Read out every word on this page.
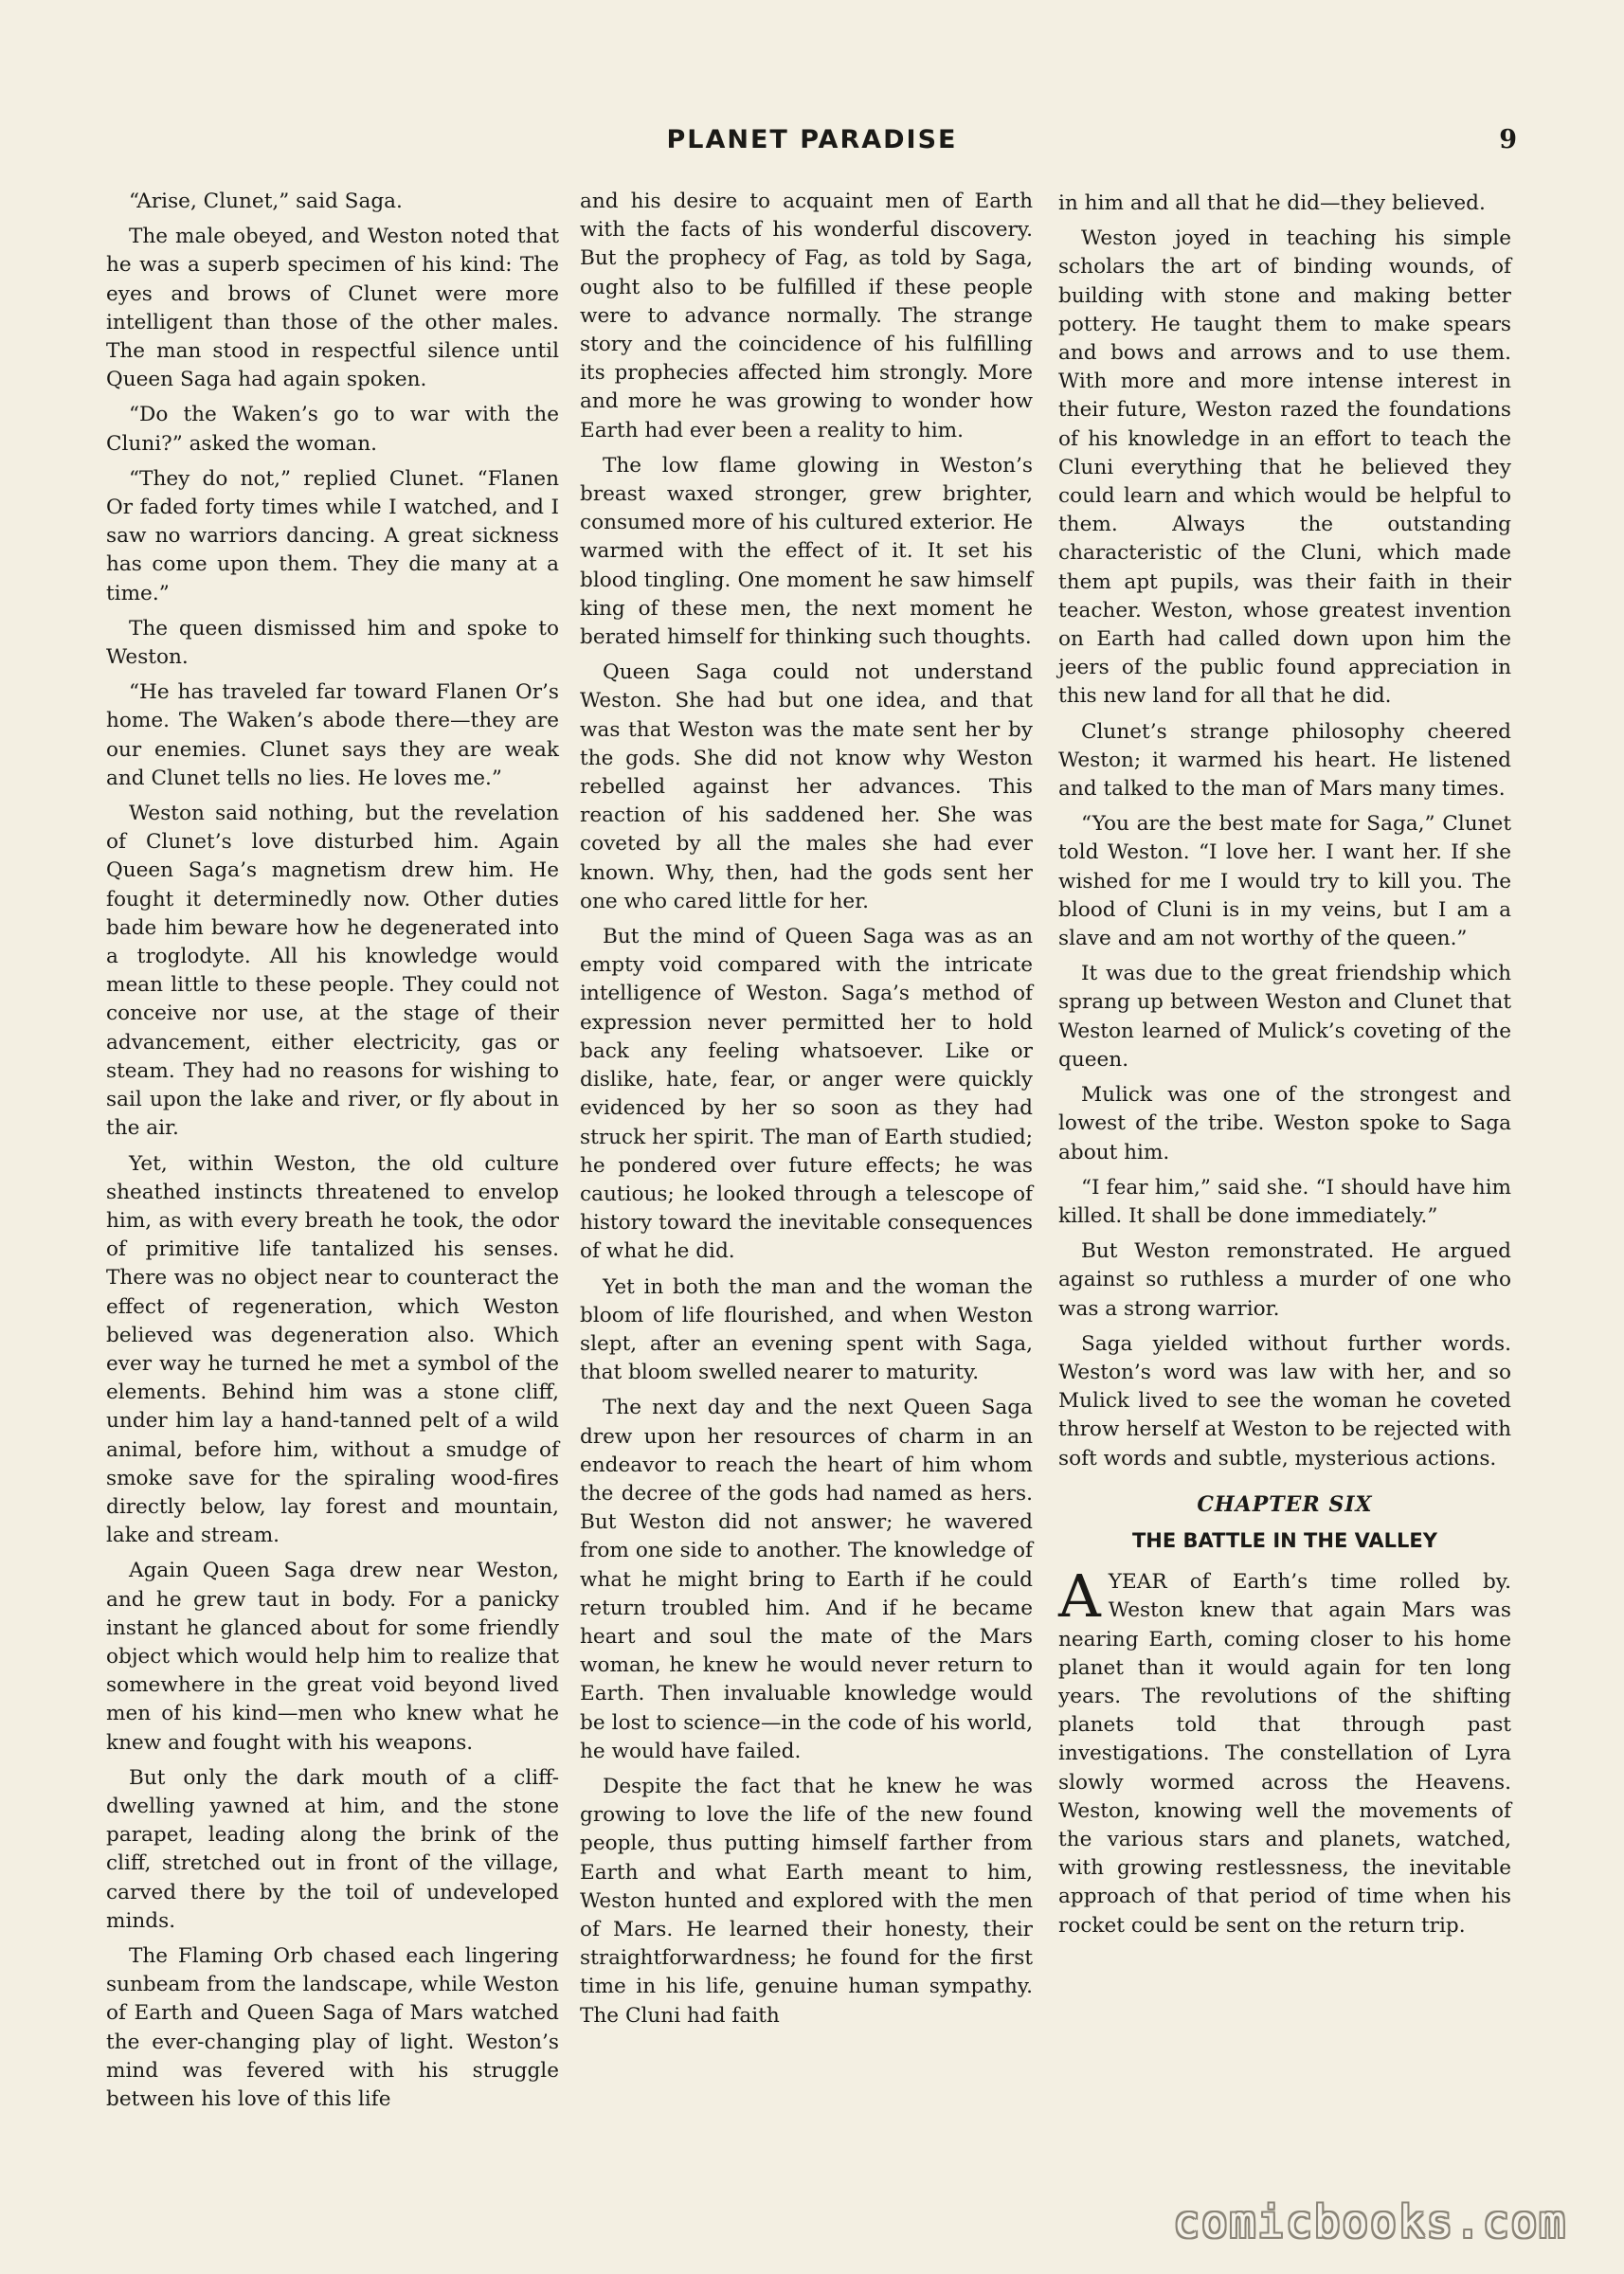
PLANET PARADISE	9

“Arise, Clunet,” said Saga.

The male obeyed, and Weston noted that he was a superb specimen of his kind: The eyes and brows of Clunet were more intelligent than those of the other males. The man stood in respectful silence until Queen Saga had again spoken.

“Do the Waken’s go to war with the Cluni?” asked the woman.

“They do not,” replied Clunet. “Flanen Or faded forty times while I watched, and I saw no warriors dancing. A great sickness has come upon them. They die many at a time.”

The queen dismissed him and spoke to Weston.

“He has traveled far toward Flanen Or’s home. The Waken’s abode there—they are our enemies. Clunet says they are weak and Clunet tells no lies. He loves me.”

Weston said nothing, but the revelation of Clunet’s love disturbed him. Again Queen Saga’s magnetism drew him. He fought it determinedly now. Other duties bade him beware how he degenerated into a troglodyte. All his knowledge would mean little to these people. They could not conceive nor use, at the stage of their advancement, either electricity, gas or steam. They had no reasons for wishing to sail upon the lake and river, or fly about in the air.

Yet, within Weston, the old culture sheathed instincts threatened to envelop him, as with every breath he took, the odor of primitive life tantalized his senses. There was no object near to counteract the effect of regeneration, which Weston believed was degeneration also. Which ever way he turned he met a symbol of the elements. Behind him was a stone cliff, under him lay a hand-tanned pelt of a wild animal, before him, without a smudge of smoke save for the spiraling wood-fires directly below, lay forest and mountain, lake and stream.

Again Queen Saga drew near Weston, and he grew taut in body. For a panicky instant he glanced about for some friendly object which would help him to realize that somewhere in the great void beyond lived men of his kind—men who knew what he knew and fought with his weapons.

But only the dark mouth of a cliff-dwelling yawned at him, and the stone parapet, leading along the brink of the cliff, stretched out in front of the village, carved there by the toil of undeveloped minds.

The Flaming Orb chased each lingering sunbeam from the landscape, while Weston of Earth and Queen Saga of Mars watched the ever-changing play of light. Weston’s mind was fevered with his struggle between his love of this life

and his desire to acquaint men of Earth with the facts of his wonderful discovery. But the prophecy of Fag, as told by Saga, ought also to be fulfilled if these people were to advance normally. The strange story and the coincidence of his fulfilling its prophecies affected him strongly. More and more he was growing to wonder how Earth had ever been a reality to him.

The low flame glowing in Weston’s breast waxed stronger, grew brighter, consumed more of his cultured exterior. He warmed with the effect of it. It set his blood tingling. One moment he saw himself king of these men, the next moment he berated himself for thinking such thoughts.

Queen Saga could not understand Weston. She had but one idea, and that was that Weston was the mate sent her by the gods. She did not know why Weston rebelled against her advances. This reaction of his saddened her. She was coveted by all the males she had ever known. Why, then, had the gods sent her one who cared little for her.

But the mind of Queen Saga was as an empty void compared with the intricate intelligence of Weston. Saga’s method of expression never permitted her to hold back any feeling whatsoever. Like or dislike, hate, fear, or anger were quickly evidenced by her so soon as they had struck her spirit. The man of Earth studied; he pondered over future effects; he was cautious; he looked through a telescope of history toward the inevitable consequences of what he did.

Yet in both the man and the woman the bloom of life flourished, and when Weston slept, after an evening spent with Saga, that bloom swelled nearer to maturity.

The next day and the next Queen Saga drew upon her resources of charm in an endeavor to reach the heart of him whom the decree of the gods had named as hers. But Weston did not answer; he wavered from one side to another. The knowledge of what he might bring to Earth if he could return troubled him. And if he became heart and soul the mate of the Mars woman, he knew he would never return to Earth. Then invaluable knowledge would be lost to science—in the code of his world, he would have failed.

Despite the fact that he knew he was growing to love the life of the new found people, thus putting himself farther from Earth and what Earth meant to him, Weston hunted and explored with the men of Mars. He learned their honesty, their straightforwardness; he found for the first time in his life, genuine human sympathy. The Cluni had faith

in him and all that he did—they believed.

Weston joyed in teaching his simple scholars the art of binding wounds, of building with stone and making better pottery. He taught them to make spears and bows and arrows and to use them. With more and more intense interest in their future, Weston razed the foundations of his knowledge in an effort to teach the Cluni everything that he believed they could learn and which would be helpful to them. Always the outstanding characteristic of the Cluni, which made them apt pupils, was their faith in their teacher. Weston, whose greatest invention on Earth had called down upon him the jeers of the public found appreciation in this new land for all that he did.

Clunet’s strange philosophy cheered Weston; it warmed his heart. He listened and talked to the man of Mars many times.

“You are the best mate for Saga,” Clunet told Weston. “I love her. I want her. If she wished for me I would try to kill you. The blood of Cluni is in my veins, but I am a slave and am not worthy of the queen.”

It was due to the great friendship which sprang up between Weston and Clunet that Weston learned of Mulick’s coveting of the queen.

Mulick was one of the strongest and lowest of the tribe. Weston spoke to Saga about him.

“I fear him,” said she. “I should have him killed. It shall be done immediately.”

But Weston remonstrated. He argued against so ruthless a murder of one who was a strong warrior.

Saga yielded without further words. Weston’s word was law with her, and so Mulick lived to see the woman he coveted throw herself at Weston to be rejected with soft words and subtle, mysterious actions.

CHAPTER SIX
THE BATTLE IN THE VALLEY

AYEAR of Earth’s time rolled by. Weston knew that again Mars was nearing Earth, coming closer to his home planet than it would again for ten long years. The revolutions of the shifting planets told that through past investigations. The constellation of Lyra slowly wormed across the Heavens. Weston, knowing well the movements of the various stars and planets, watched, with growing restlessness, the inevitable approach of that period of time when his rocket could be sent on the return trip.

comicbooks.com
